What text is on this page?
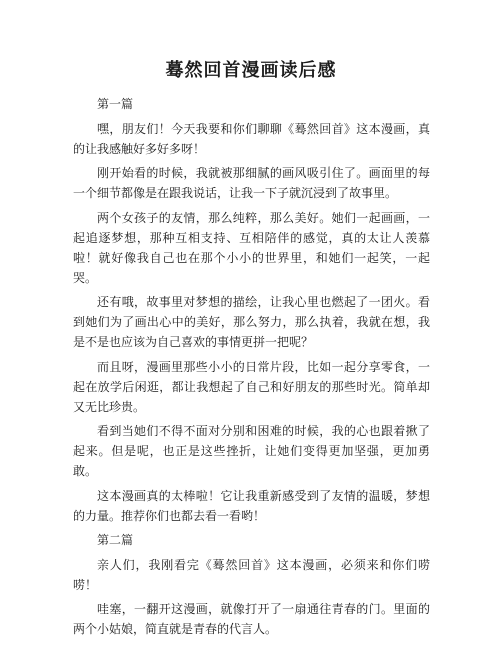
蓦然回首漫画读后感

第一篇

嘿，朋友们！今天我要和你们聊聊《蓦然回首》这本漫画，真的让我感触好多好多呀！

刚开始看的时候，我就被那细腻的画风吸引住了。画面里的每一个细节都像是在跟我说话，让我一下子就沉浸到了故事里。

两个女孩子的友情，那么纯粹，那么美好。她们一起画画，一起追逐梦想，那种互相支持、互相陪伴的感觉，真的太让人羡慕啦！就好像我自己也在那个小小的世界里，和她们一起笑，一起哭。

还有哦，故事里对梦想的描绘，让我心里也燃起了一团火。看到她们为了画出心中的美好，那么努力，那么执着，我就在想，我是不是也应该为自己喜欢的事情更拼一把呢？

而且呀，漫画里那些小小的日常片段，比如一起分享零食，一起在放学后闲逛，都让我想起了自己和好朋友的那些时光。简单却又无比珍贵。

看到当她们不得不面对分别和困难的时候，我的心也跟着揪了起来。但是呢，也正是这些挫折，让她们变得更加坚强，更加勇敢。

这本漫画真的太棒啦！它让我重新感受到了友情的温暖，梦想的力量。推荐你们也都去看一看哟！

第二篇

亲人们，我刚看完《蓦然回首》这本漫画，必须来和你们唠唠！

哇塞，一翻开这漫画，就像打开了一扇通往青春的门。里面的两个小姑娘，简直就是青春的代言人。
